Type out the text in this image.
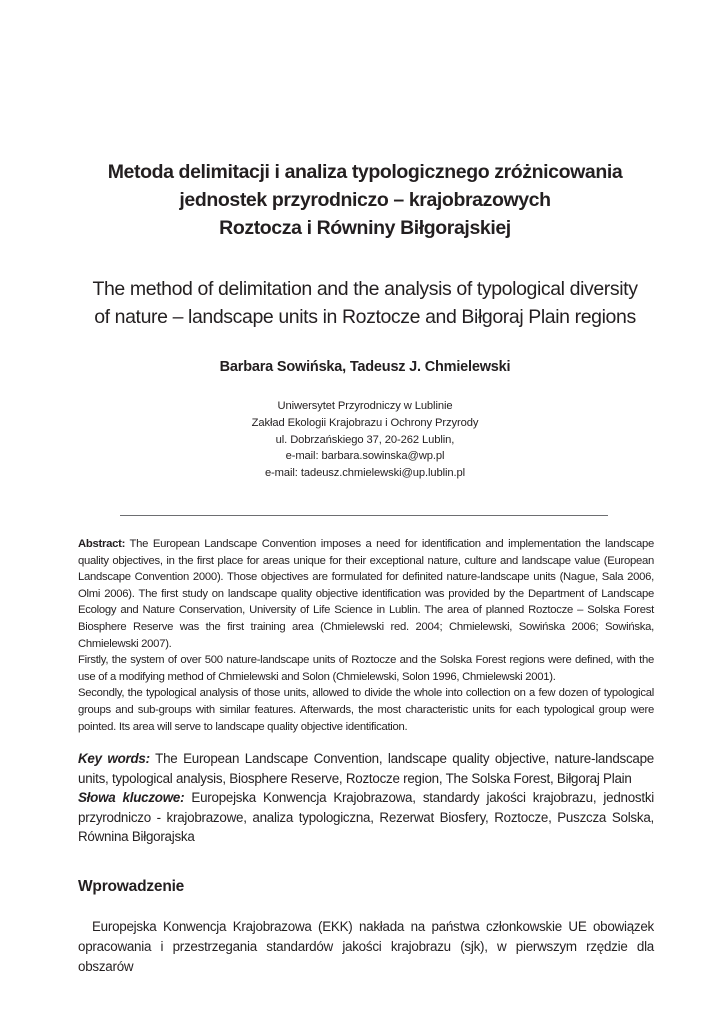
Metoda delimitacji i analiza typologicznego zróżnicowania
jednostek przyrodniczo – krajobrazowych
Roztocza i Równiny Biłgorajskiej
The method of delimitation and the analysis of typological diversity
of nature – landscape units in Roztocze and Biłgoraj Plain regions
Barbara Sowińska, Tadeusz J. Chmielewski
Uniwersytet Przyrodniczy w Lublinie
Zakład Ekologii Krajobrazu i Ochrony Przyrody
ul. Dobrzańskiego 37, 20-262 Lublin,
e-mail: barbara.sowinska@wp.pl
e-mail: tadeusz.chmielewski@up.lublin.pl

Abstract: The European Landscape Convention imposes a need for identification and implementation the landscape quality objectives, in the first place for areas unique for their exceptional nature, culture and landscape value (European Landscape Convention 2000). Those objectives are formulated for definited nature-landscape units (Nague, Sala 2006, Olmi 2006). The first study on landscape quality objective identification was provided by the Department of Landscape Ecology and Nature Conservation, University of Life Science in Lublin. The area of planned Roztocze – Solska Forest Biosphere Reserve was the first training area (Chmielewski red. 2004; Chmielewski, Sowińska 2006; Sowińska, Chmielewski 2007).

Firstly, the system of over 500 nature-landscape units of Roztocze and the Solska Forest regions were defined, with the use of a modifying method of Chmielewski and Solon (Chmielewski, Solon 1996, Chmielewski 2001).

Secondly, the typological analysis of those units, allowed to divide the whole into collection on a few dozen of typological groups and sub-groups with similar features. Afterwards, the most characteristic units for each typological group were pointed. Its area will serve to landscape quality objective identification.

Key words: The European Landscape Convention, landscape quality objective, nature-landscape units, typological analysis, Biosphere Reserve, Roztocze region, The Solska Forest, Biłgoraj Plain

Słowa kluczowe: Europejska Konwencja Krajobrazowa, standardy jakości krajobrazu, jednostki przyrodniczo - krajobrazowe, analiza typologiczna, Rezerwat Biosfery, Roztocze, Puszcza Solska, Równina Biłgorajska

Wprowadzenie

Europejska Konwencja Krajobrazowa (EKK) nakłada na państwa członkowskie UE obowiązek opracowania i przestrzegania standardów jakości krajobrazu (sjk), w pierwszym rzędzie dla obszarów
